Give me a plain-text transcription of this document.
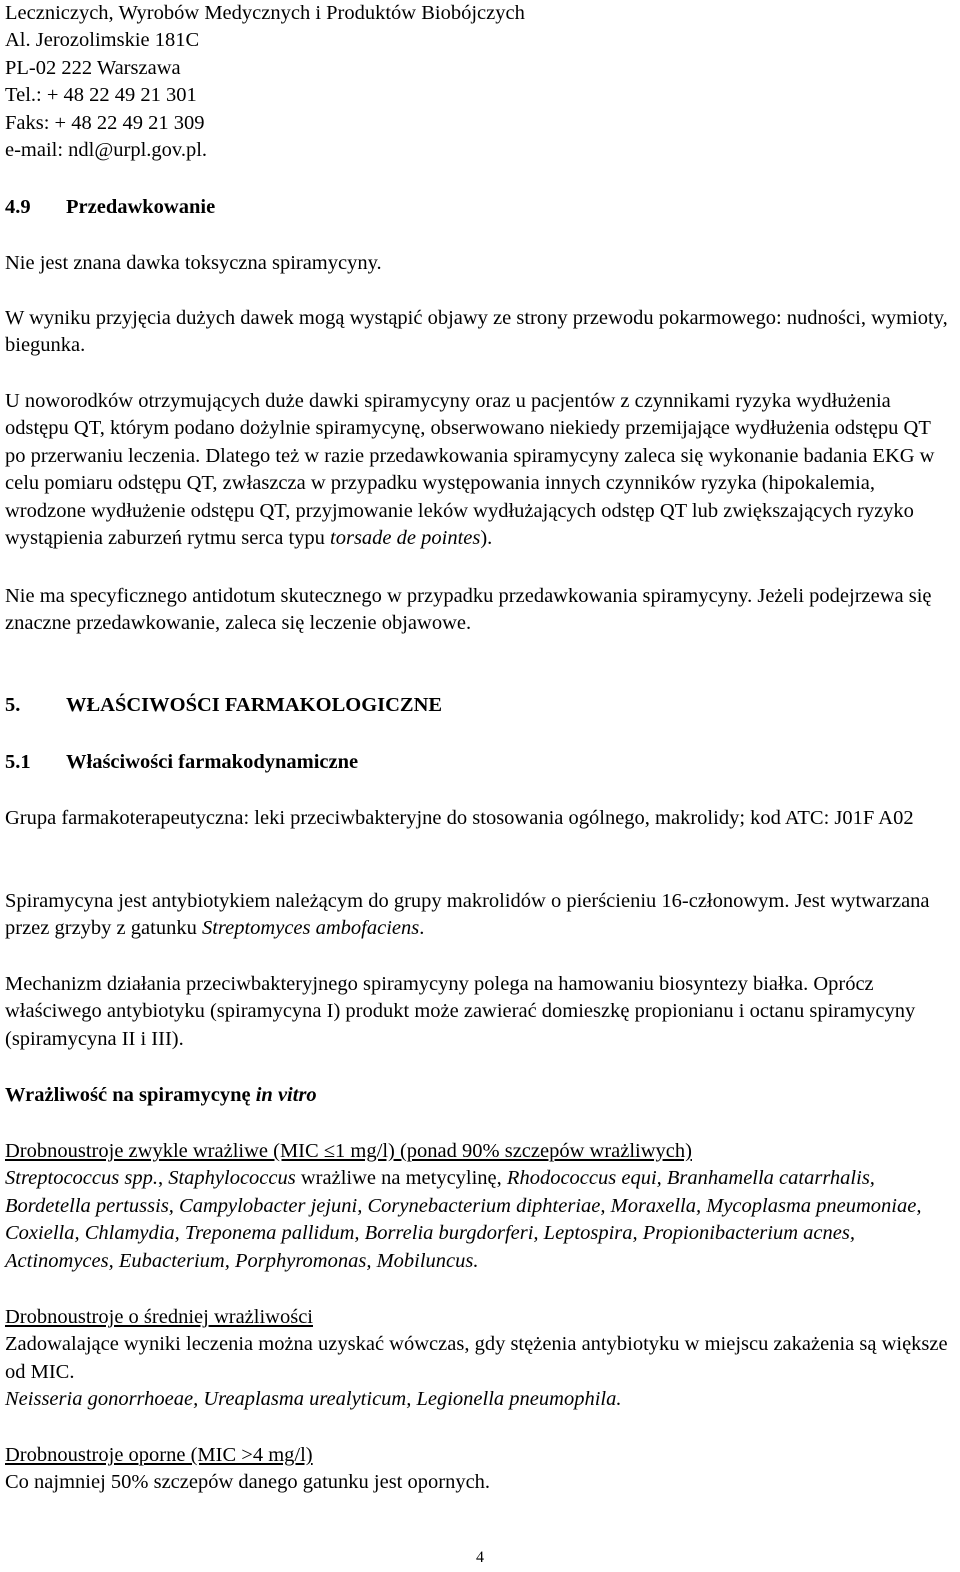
Leczniczych, Wyrobów Medycznych i Produktów Biobójczych
Al. Jerozolimskie 181C
PL-02 222 Warszawa
Tel.: + 48 22 49 21 301
Faks: + 48 22 49 21 309
e-mail: ndl@urpl.gov.pl.
4.9 Przedawkowanie
Nie jest znana dawka toksyczna spiramycyny.
W wyniku przyjęcia dużych dawek mogą wystąpić objawy ze strony przewodu pokarmowego: nudności, wymioty, biegunka.
U noworodków otrzymujących duże dawki spiramycyny oraz u pacjentów z czynnikami ryzyka wydłużenia odstępu QT, którym podano dożylnie spiramycynę, obserwowano niekiedy przemijające wydłużenia odstępu QT po przerwaniu leczenia. Dlatego też w razie przedawkowania spiramycyny zaleca się wykonanie badania EKG w celu pomiaru odstępu QT, zwłaszcza w przypadku występowania innych czynników ryzyka (hipokalemia, wrodzone wydłużenie odstępu QT, przyjmowanie leków wydłużających odstęp QT lub zwiększających ryzyko wystąpienia zaburzeń rytmu serca typu torsade de pointes).
Nie ma specyficznego antidotum skutecznego w przypadku przedawkowania spiramycyny. Jeżeli podejrzewa się znaczne przedawkowanie, zaleca się leczenie objawowe.
5. WŁAŚCIWOŚCI FARMAKOLOGICZNE
5.1 Właściwości farmakodynamiczne
Grupa farmakoterapeutyczna: leki przeciwbakteryjne do stosowania ogólnego, makrolidy; kod ATC: J01F A02
Spiramycyna jest antybiotykiem należącym do grupy makrolidów o pierścieniu 16-członowym. Jest wytwarzana przez grzyby z gatunku Streptomyces ambofaciens.
Mechanizm działania przeciwbakteryjnego spiramycyny polega na hamowaniu biosyntezy białka. Oprócz właściwego antybiotyku (spiramycyna I) produkt może zawierać domieszkę propionianu i octanu spiramycyny (spiramycyna II i III).
Wrażliwość na spiramycynę in vitro
Drobnoustroje zwykle wrażliwe (MIC ≤1 mg/l) (ponad 90% szczepów wrażliwych)
Streptococcus spp., Staphylococcus wrażliwe na metycylinę, Rhodococcus equi, Branhamella catarrhalis, Bordetella pertussis, Campylobacter jejuni, Corynebacterium diphteriae, Moraxella, Mycoplasma pneumoniae, Coxiella, Chlamydia, Treponema pallidum, Borrelia burgdorferi, Leptospira, Propionibacterium acnes, Actinomyces, Eubacterium, Porphyromonas, Mobiluncus.
Drobnoustroje o średniej wrażliwości
Zadowalające wyniki leczenia można uzyskać wówczas, gdy stężenia antybiotyku w miejscu zakażenia są większe od MIC.
Neisseria gonorrhoeae, Ureaplasma urealyticum, Legionella pneumophila.
Drobnoustroje oporne (MIC >4 mg/l)
Co najmniej 50% szczepów danego gatunku jest opornych.
4
